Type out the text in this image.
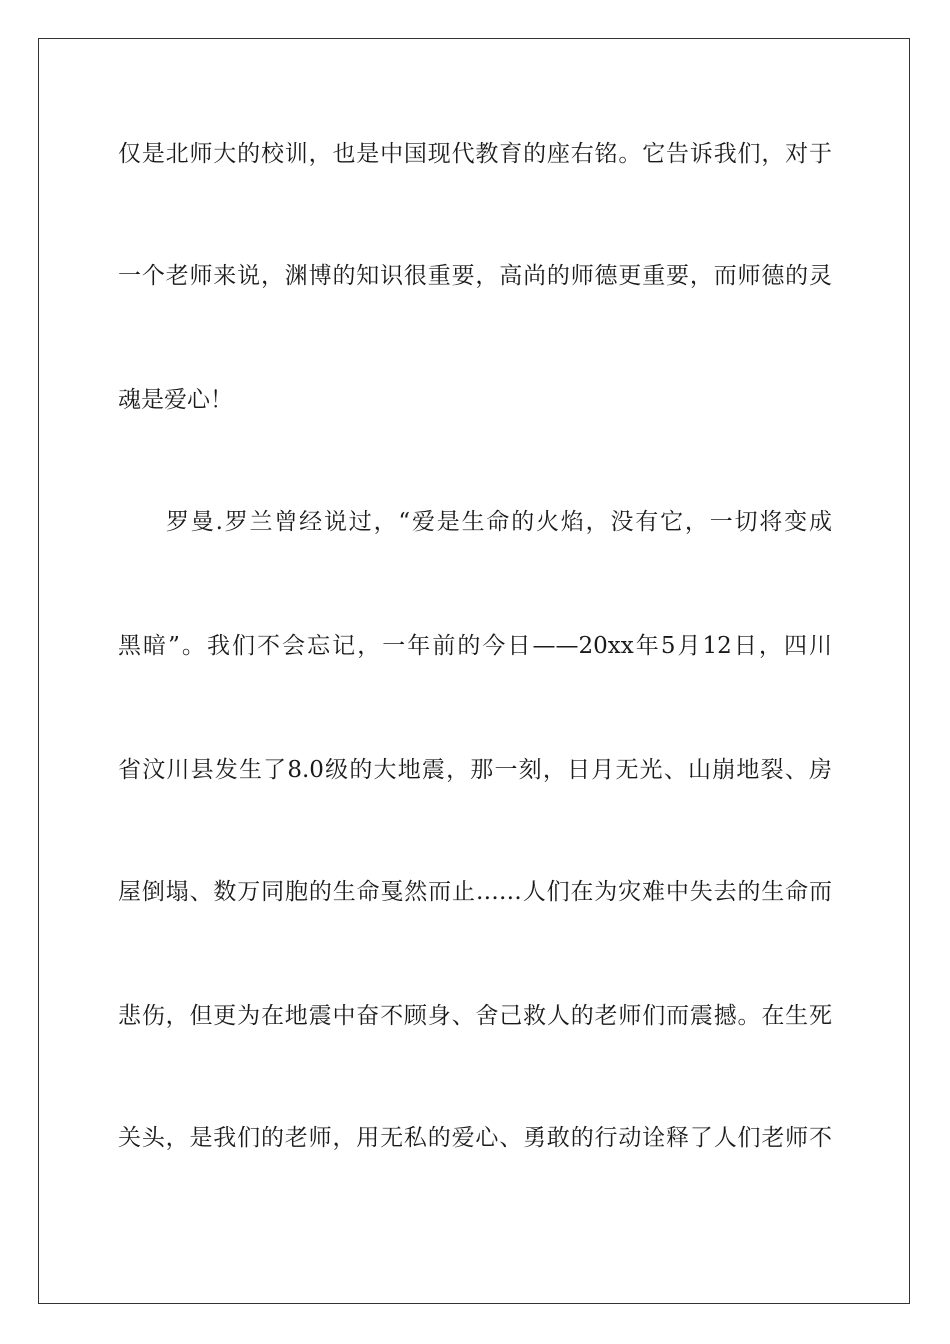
仅是北师大的校训，也是中国现代教育的座右铭。它告诉我们，对于
一个老师来说，渊博的知识很重要，高尚的师德更重要，而师德的灵
魂是爱心！
罗曼.罗兰曾经说过，“爱是生命的火焰，没有它，一切将变成
黑暗”。我们不会忘记，一年前的今日——20xx年5月12日，四川
省汶川县发生了8.0级的大地震，那一刻，日月无光、山崩地裂、房
屋倒塌、数万同胞的生命戛然而止……人们在为灾难中失去的生命而
悲伤，但更为在地震中奋不顾身、舍己救人的老师们而震撼。在生死
关头，是我们的老师，用无私的爱心、勇敢的行动诠释了人们老师不
